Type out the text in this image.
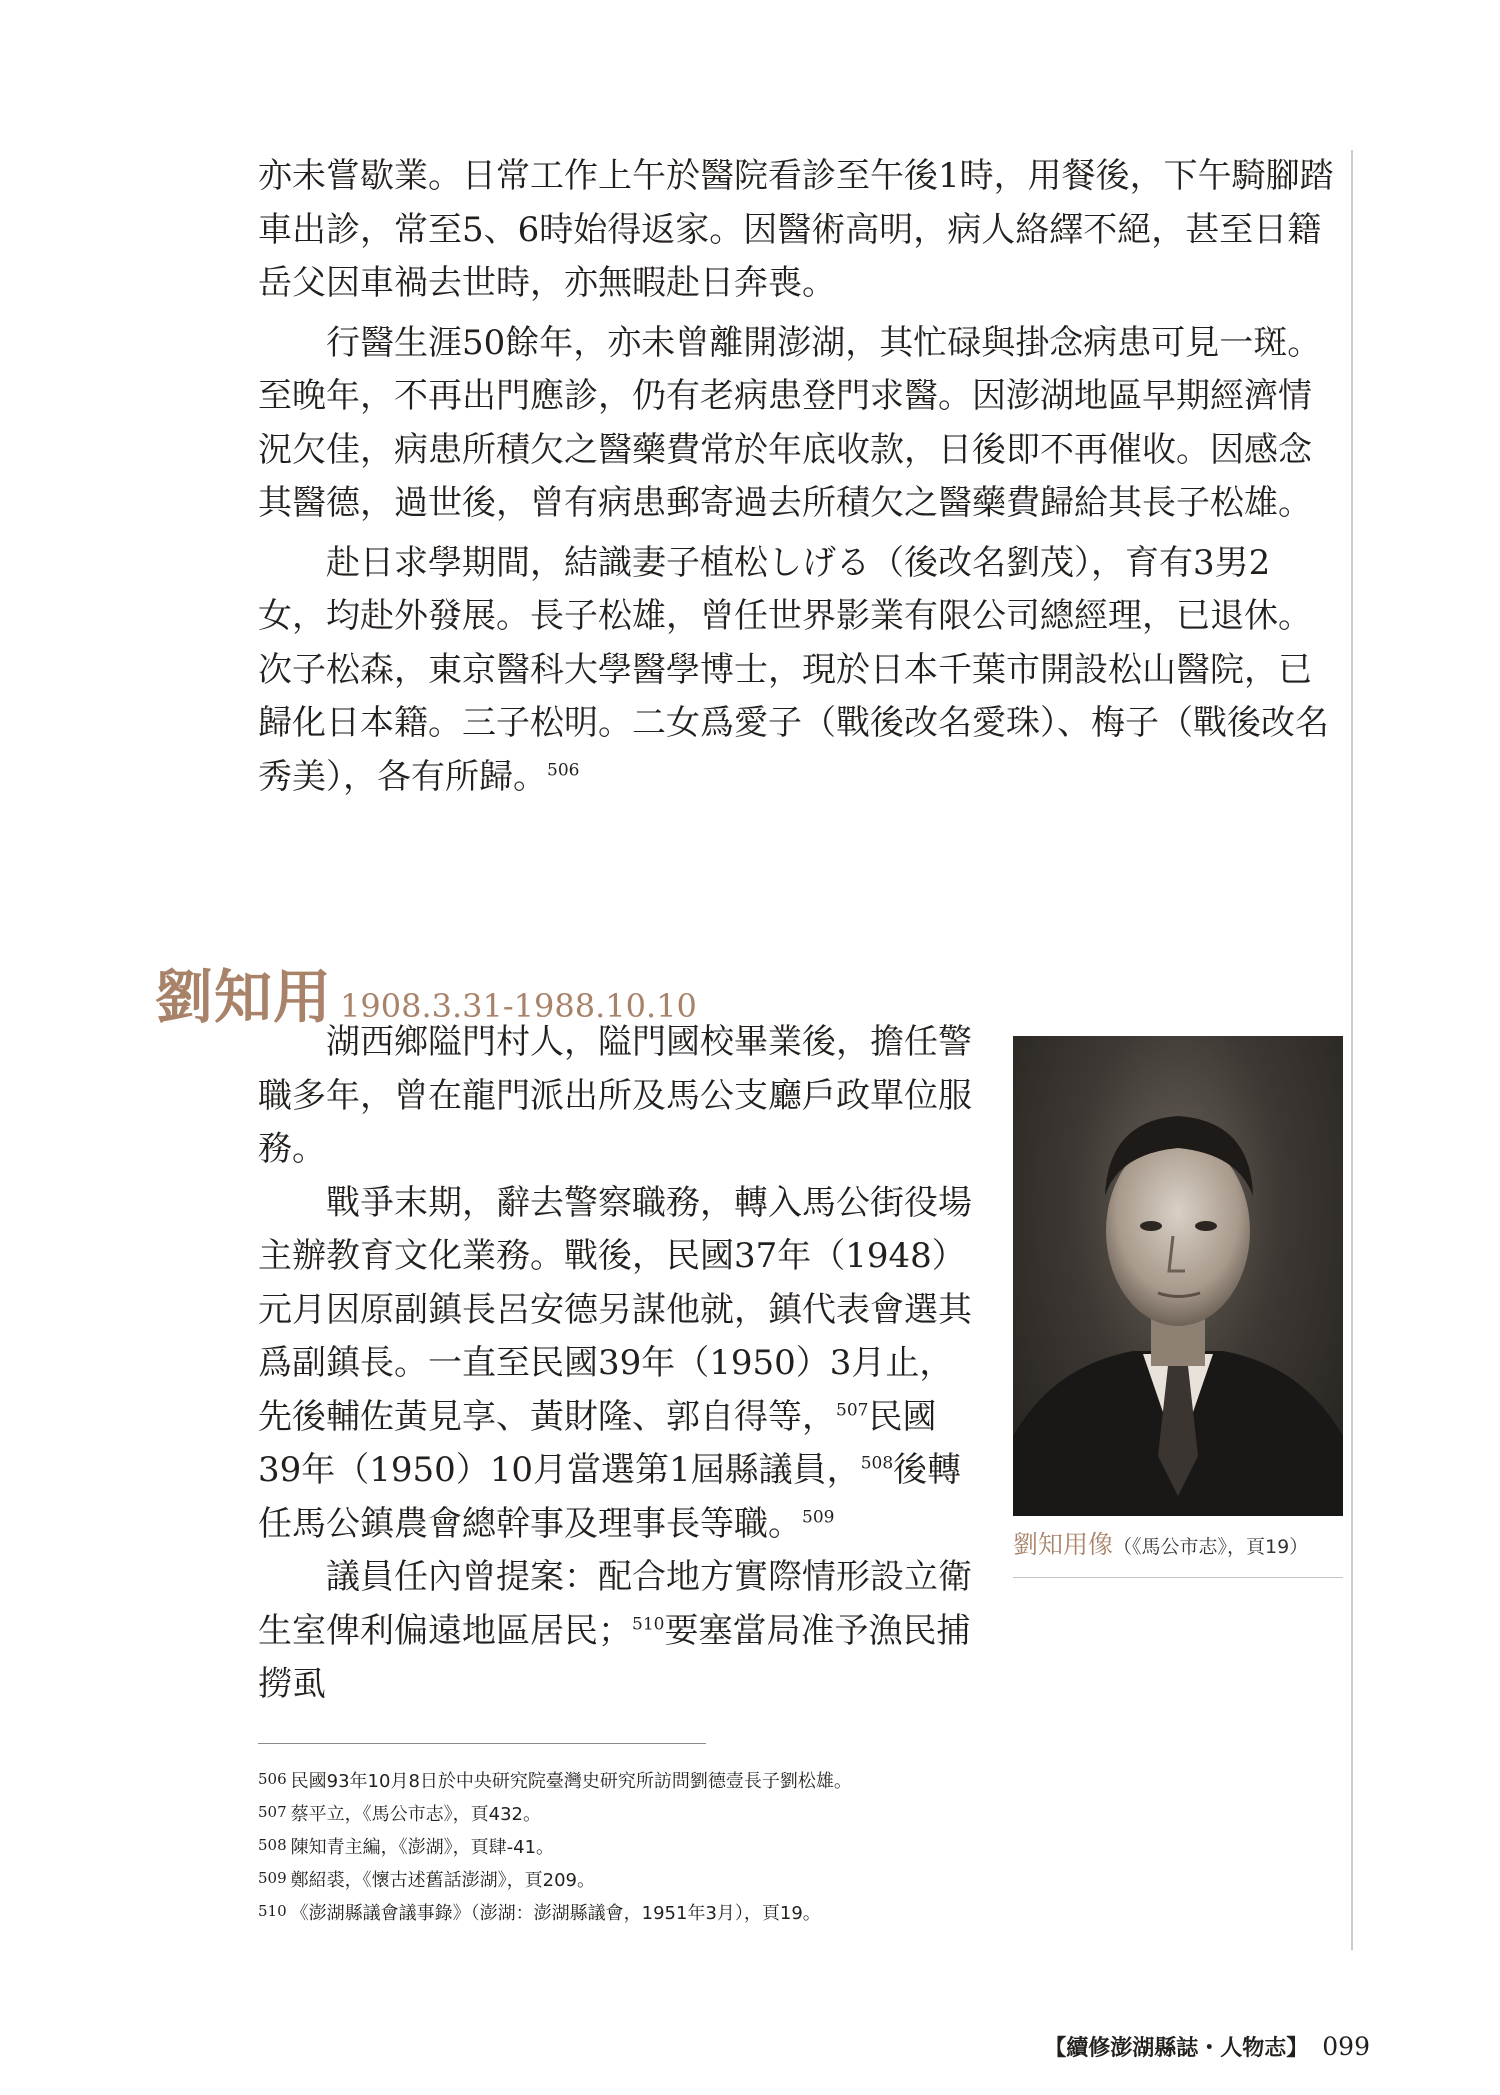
亦未嘗歇業。日常工作上午於醫院看診至午後1時，用餐後，下午騎腳踏車出診，常至5、6時始得返家。因醫術高明，病人絡繹不絕，甚至日籍岳父因車禍去世時，亦無暇赴日奔喪。

行醫生涯50餘年，亦未曾離開澎湖，其忙碌與掛念病患可見一斑。至晚年，不再出門應診，仍有老病患登門求醫。因澎湖地區早期經濟情況欠佳，病患所積欠之醫藥費常於年底收款，日後即不再催收。因感念其醫德，過世後，曾有病患郵寄過去所積欠之醫藥費歸給其長子松雄。

赴日求學期間，結識妻子植松しげる（後改名劉茂），育有3男2女，均赴外發展。長子松雄，曾任世界影業有限公司總經理，已退休。次子松森，東京醫科大學醫學博士，現於日本千葉市開設松山醫院，已歸化日本籍。三子松明。二女爲愛子（戰後改名愛珠）、梅子（戰後改名秀美），各有所歸。$^{506}$

劉知用 1908.3.31-1988.10.10

湖西鄉隘門村人，隘門國校畢業後，擔任警職多年，曾在龍門派出所及馬公支廳戶政單位服務。

戰爭末期，辭去警察職務，轉入馬公街役場主辦教育文化業務。戰後，民國37年（1948）元月因原副鎮長呂安德另謀他就，鎮代表會選其爲副鎮長。一直至民國39年（1950）3月止，先後輔佐黃見享、黃財隆、郭自得等，$^{507}$民國39年（1950）10月當選第1屆縣議員，$^{508}$後轉任馬公鎮農會總幹事及理事長等職。$^{509}$

議員任內曾提案：配合地方實際情形設立衛生室俾利偏遠地區居民；$^{510}$要塞當局准予漁民捕撈虱

劉知用像（《馬公市志》，頁19）
506 民國93年10月8日於中央研究院臺灣史研究所訪問劉德壹長子劉松雄。
507 蔡平立，《馬公市志》，頁432。
508 陳知青主編，《澎湖》，頁肆-41。
509 鄭紹裘，《懷古述舊話澎湖》，頁209。
510 《澎湖縣議會議事錄》（澎湖：澎湖縣議會，1951年3月），頁19。
【續修澎湖縣誌・人物志】 099
